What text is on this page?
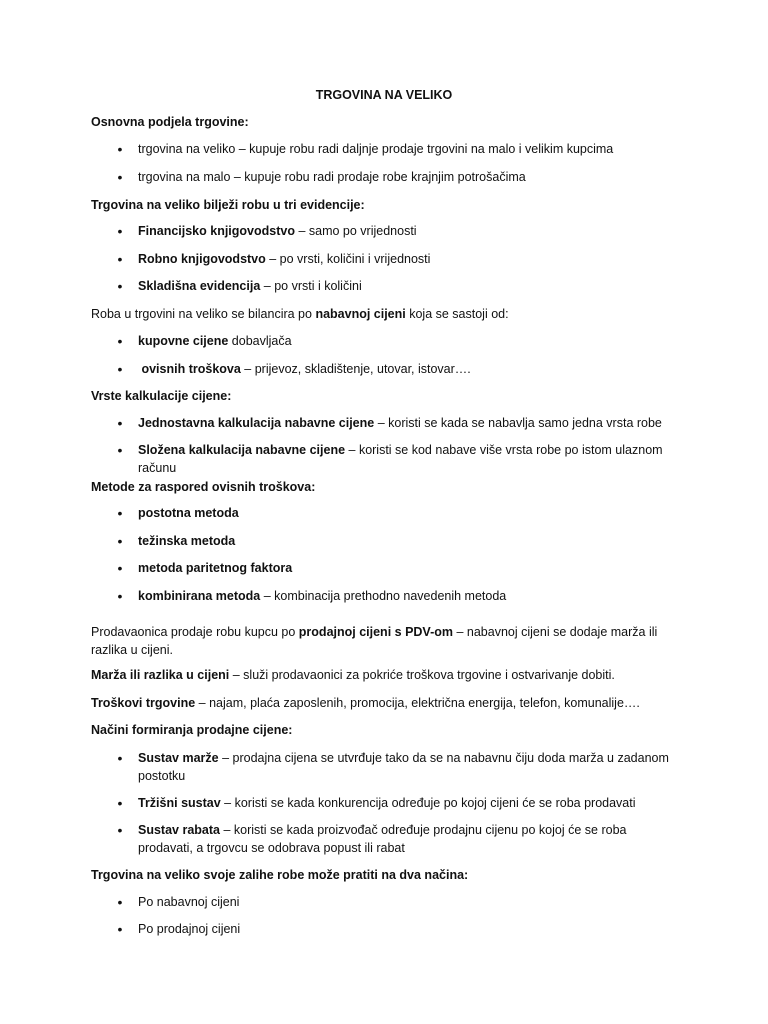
TRGOVINA NA VELIKO
Osnovna podjela trgovine:
• trgovina na veliko – kupuje robu radi daljnje prodaje trgovini na malo i velikim kupcima
• trgovina na malo – kupuje robu radi prodaje robe krajnjim potrošačima
Trgovina na veliko bilježi robu u tri evidencije:
• Financijsko knjigovodstvo – samo po vrijednosti
• Robno knjigovodstvo – po vrsti, količini i vrijednosti
• Skladišna evidencija – po vrsti i količini
Roba u trgovini na veliko se bilancira po nabavnoj cijeni koja se sastoji od:
• kupovne cijene dobavljača
• ovisnih troškova – prijevoz, skladištenje, utovar, istovar….
Vrste kalkulacije cijene:
• Jednostavna kalkulacija nabavne cijene – koristi se kada se nabavlja samo jedna vrsta robe
• Složena kalkulacija nabavne cijene – koristi se kod nabave više vrsta robe po istom ulaznom računu
Metode za raspored ovisnih troškova:
• postotna metoda
• težinska metoda
• metoda paritetnog faktora
• kombinirana metoda – kombinacija prethodno navedenih metoda
Prodavaonica prodaje robu kupcu po prodajnoj cijeni s PDV-om – nabavnoj cijeni se dodaje marža ili razlika u cijeni.
Marža ili razlika u cijeni – služi prodavaonici za pokriće troškova trgovine i ostvarivanje dobiti.
Troškovi trgovine – najam, plaća zaposlenih, promocija, električna energija, telefon, komunalije….
Načini formiranja prodajne cijene:
• Sustav marže – prodajna cijena se utvrđuje tako da se na nabavnu čiju doda marža u zadanom postotku
• Tržišni sustav – koristi se kada konkurencija određuje po kojoj cijeni će se roba prodavati
• Sustav rabata – koristi se kada proizvođač određuje prodajnu cijenu po kojoj će se roba prodavati, a trgovcu se odobrava popust ili rabat
Trgovina na veliko svoje zalihe robe može pratiti na dva načina:
• Po nabavnoj cijeni
• Po prodajnoj cijeni
